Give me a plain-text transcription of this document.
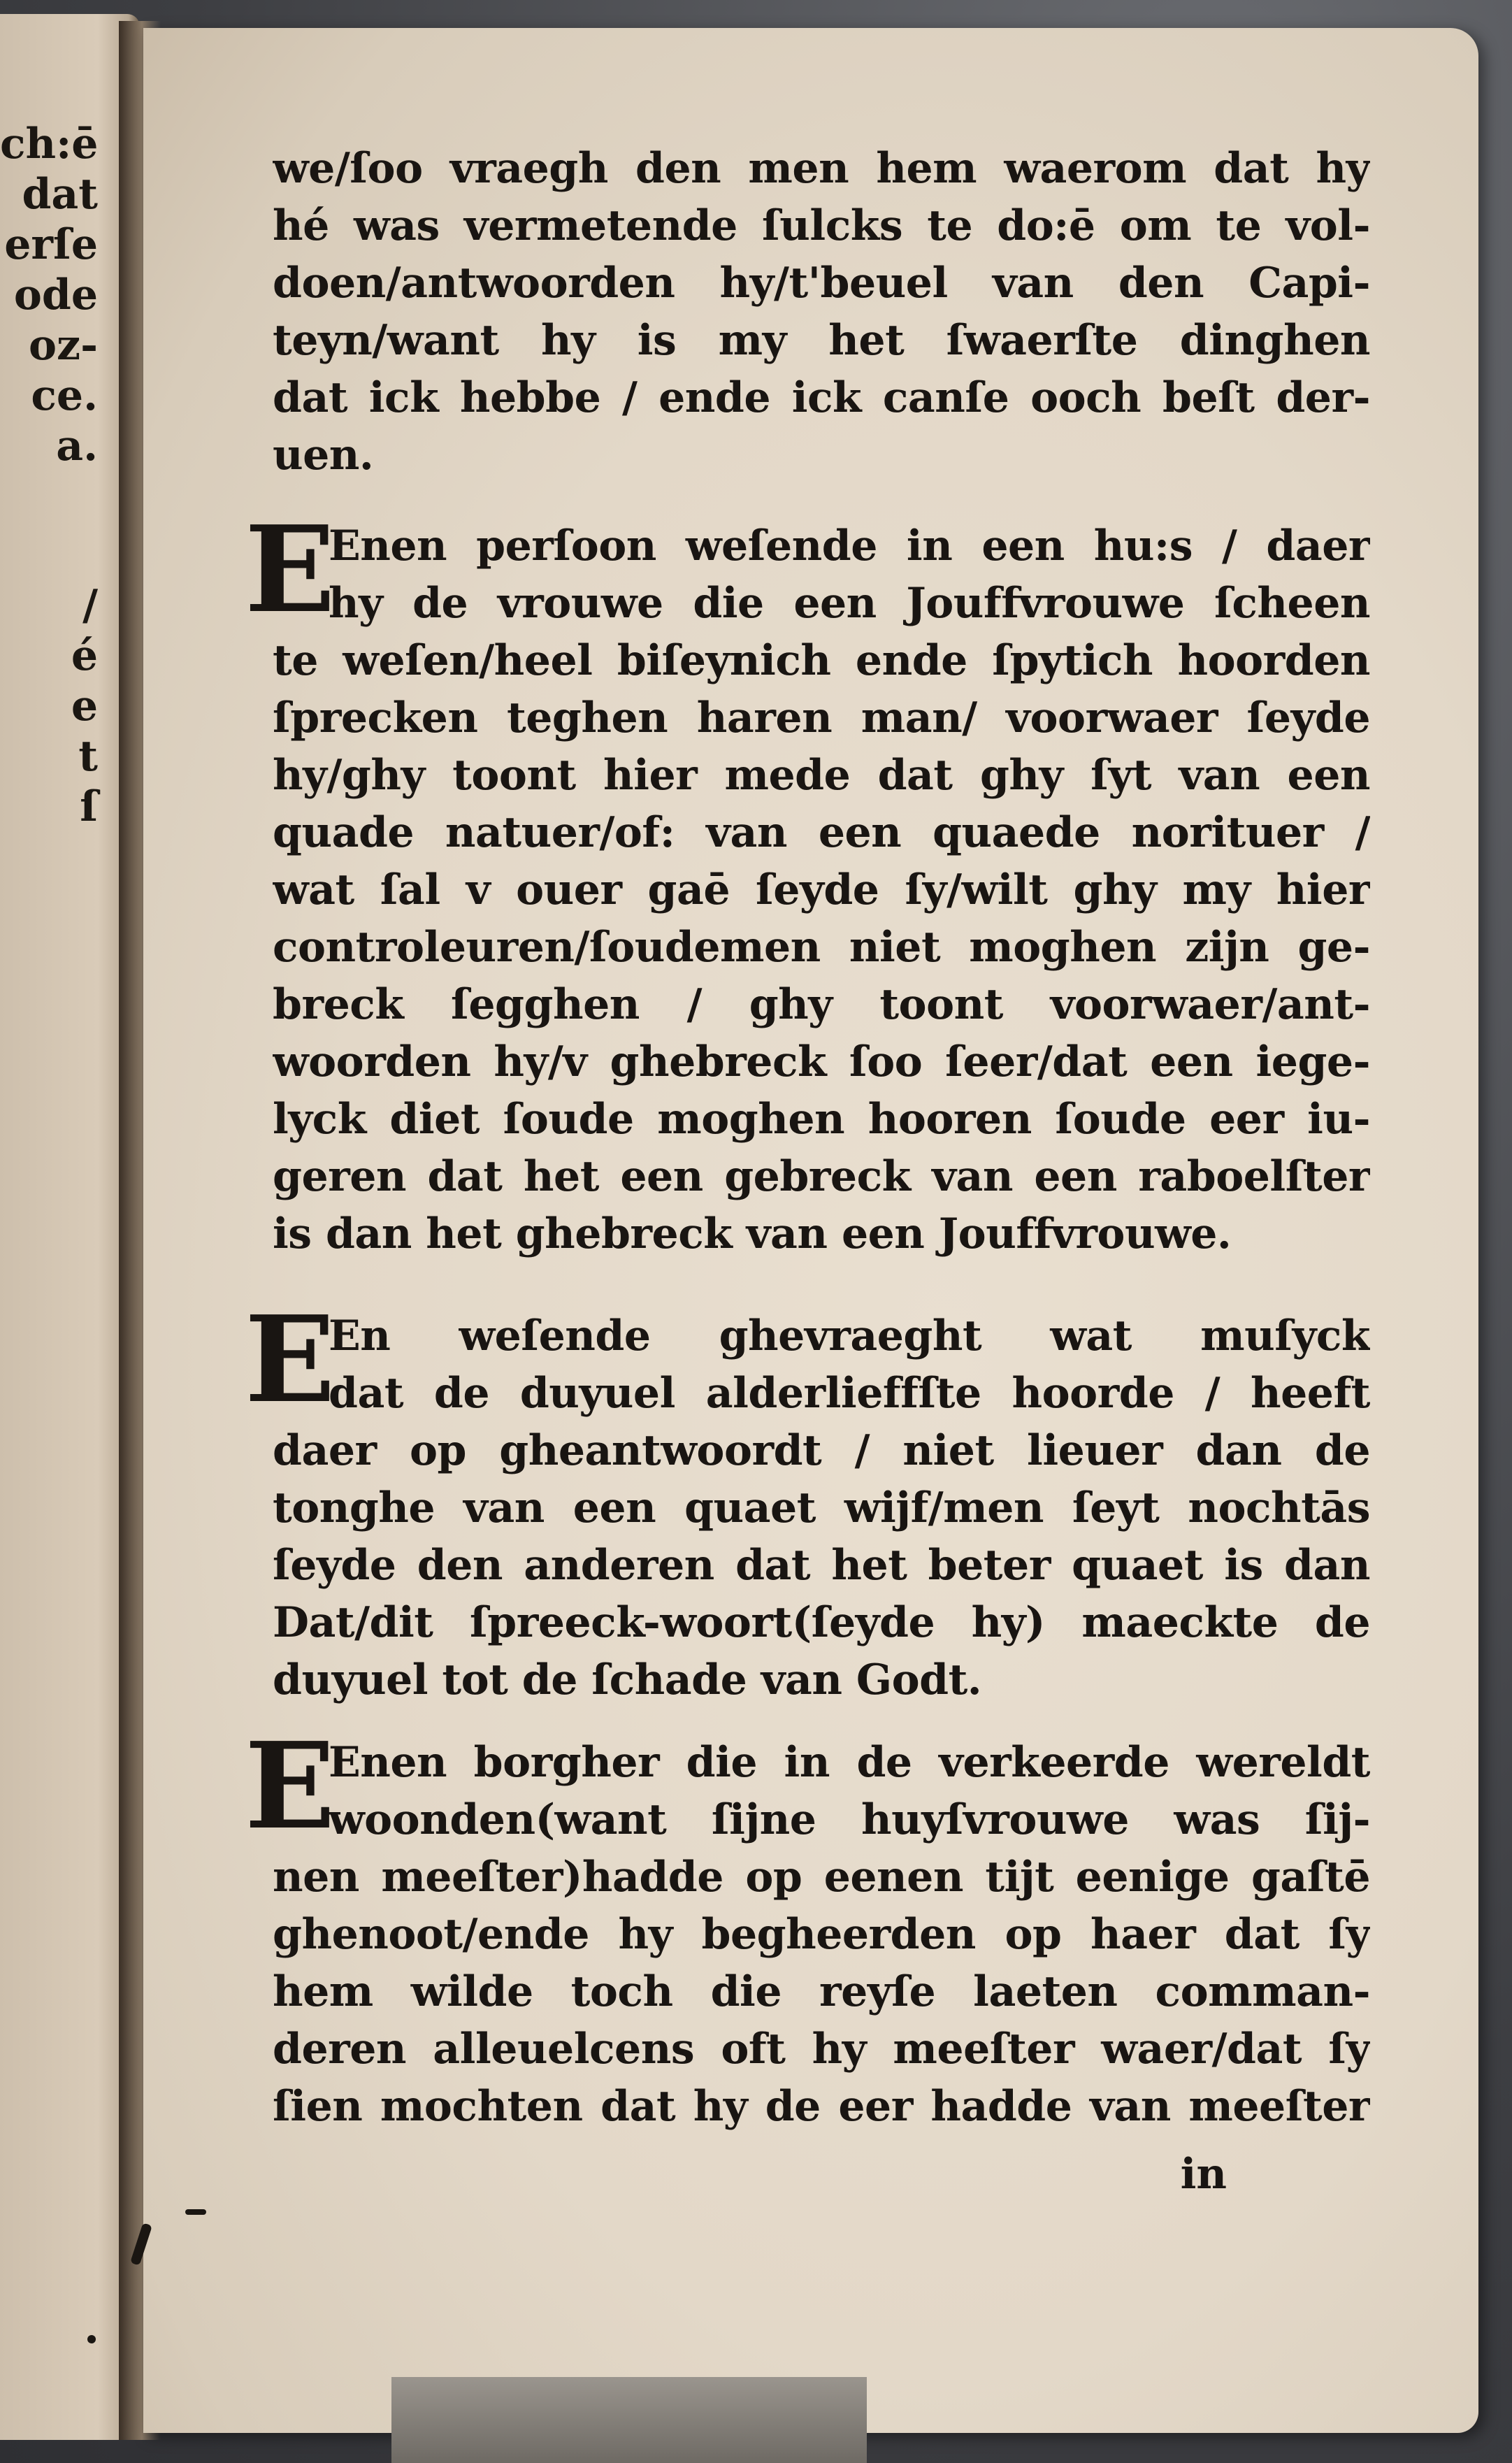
ch:ē
dat
erſe
ode
oz-
ce.
a.
/
é
e
t
ſ
we/ſoo vraegh den men hem waerom dat hy
hé was vermetende ſulcks te do:ē om te vol-
doen/antwoorden hy/t'beuel van den Capi-
teyn/want hy is my het ſwaerſte dinghen
dat ick hebbe / ende ick canſe ooch beſt der-
uen.
E
Enen perſoon weſende in een hu:s / daer
hy de vrouwe die een Jouffvrouwe ſcheen
te weſen/heel biſeynich ende ſpytich hoorden
ſprecken teghen haren man/ voorwaer ſeyde
hy/ghy toont hier mede dat ghy ſyt van een
quade natuer/of: van een quaede norituer /
wat ſal v ouer gaē ſeyde ſy/wilt ghy my hier
controleuren/ſoudemen niet moghen zijn ge-
breck ſegghen / ghy toont voorwaer/ant-
woorden hy/v ghebreck ſoo ſeer/dat een iege-
lyck diet ſoude moghen hooren ſoude eer iu-
geren dat het een gebreck van een raboelſter
is dan het ghebreck van een Jouffvrouwe.
E
En weſende ghevraeght wat muſyck
dat de duyuel alderlieffſte hoorde / heeft
daer op gheantwoordt / niet lieuer dan de
tonghe van een quaet wijf/men ſeyt nochtās
ſeyde den anderen dat het beter quaet is dan
Dat/dit ſpreeck-woort(ſeyde hy) maeckte de
duyuel tot de ſchade van Godt.
E
Enen borgher die in de verkeerde wereldt
woonden(want ſijne huyſvrouwe was ſij-
nen meeſter)hadde op eenen tijt eenige gaſtē
ghenoot/ende hy begheerden op haer dat ſy
hem wilde toch die reyſe laeten comman-
deren alleuelcens oft hy meeſter waer/dat ſy
ſien mochten dat hy de eer hadde van meeſter
in
